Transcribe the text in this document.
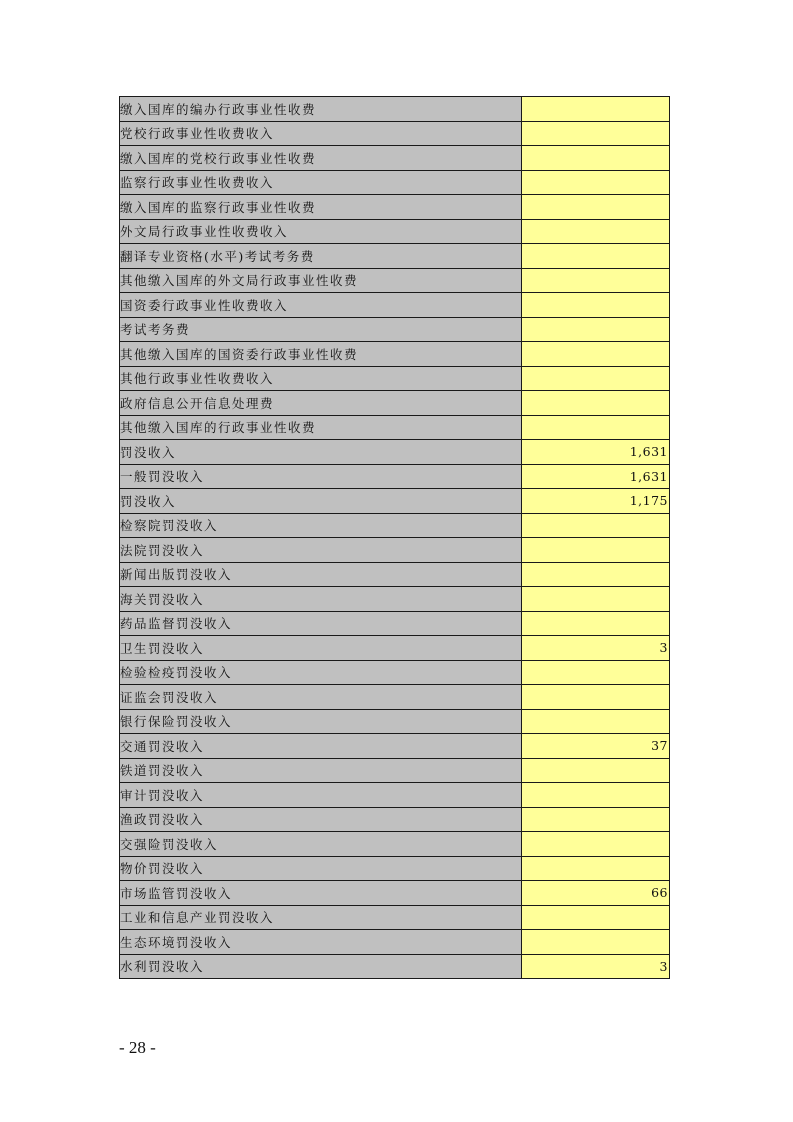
缴入国库的编办行政事业性收费	
党校行政事业性收费收入	
缴入国库的党校行政事业性收费	
监察行政事业性收费收入	
缴入国库的监察行政事业性收费	
外文局行政事业性收费收入	
翻译专业资格(水平)考试考务费	
其他缴入国库的外文局行政事业性收费	
国资委行政事业性收费收入	
考试考务费	
其他缴入国库的国资委行政事业性收费	
其他行政事业性收费收入	
政府信息公开信息处理费	
其他缴入国库的行政事业性收费	
罚没收入	1,631
一般罚没收入	1,631
罚没收入	1,175
检察院罚没收入	
法院罚没收入	
新闻出版罚没收入	
海关罚没收入	
药品监督罚没收入	
卫生罚没收入	3
检验检疫罚没收入	
证监会罚没收入	
银行保险罚没收入	
交通罚没收入	37
铁道罚没收入	
审计罚没收入	
渔政罚没收入	
交强险罚没收入	
物价罚没收入	
市场监管罚没收入	66
工业和信息产业罚没收入	
生态环境罚没收入	
水利罚没收入	3
- 28 -
